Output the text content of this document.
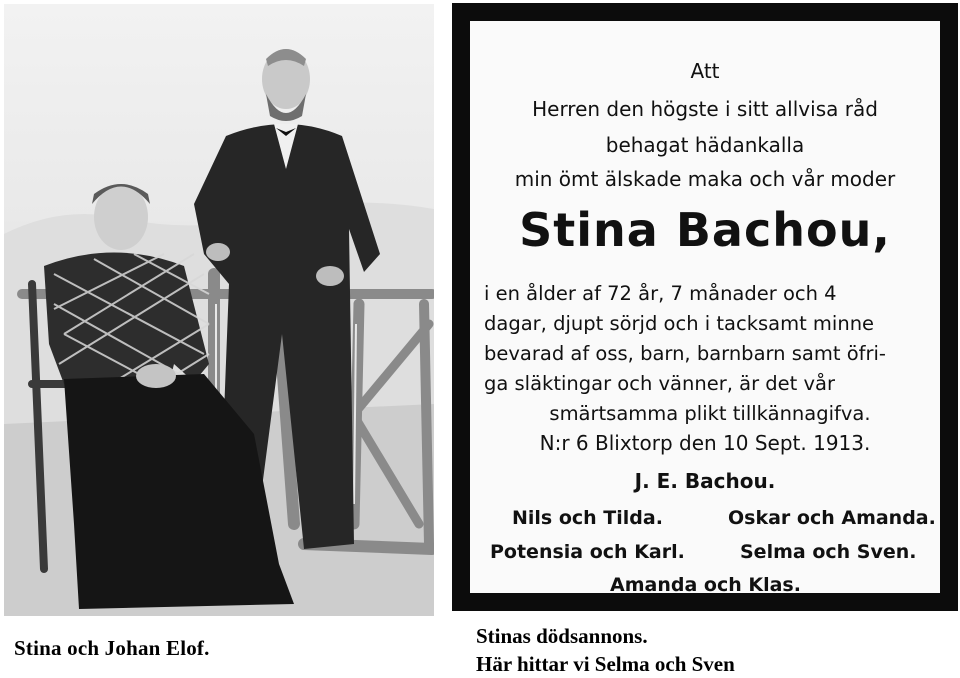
Stina och Johan Elof.
Att
Herren den högste i sitt allvisa råd
behagat hädankalla
min ömt älskade maka och vår moder
Stina Bachou,
i en ålder af 72 år, 7 månader och 4
dagar, djupt sörjd och i tacksamt minne
bevarad af oss, barn, barnbarn samt öfri-
ga släktingar och vänner, är det vår
smärtsamma plikt tillkännagifva.
N:r 6 Blixtorp den 10 Sept. 1913.
J. E. Bachou.
Nils och Tilda.	Oskar och Amanda.
Potensia och Karl.	Selma och Sven.
Amanda och Klas.
Stinas dödsannons.
Här hittar vi Selma och Sven
